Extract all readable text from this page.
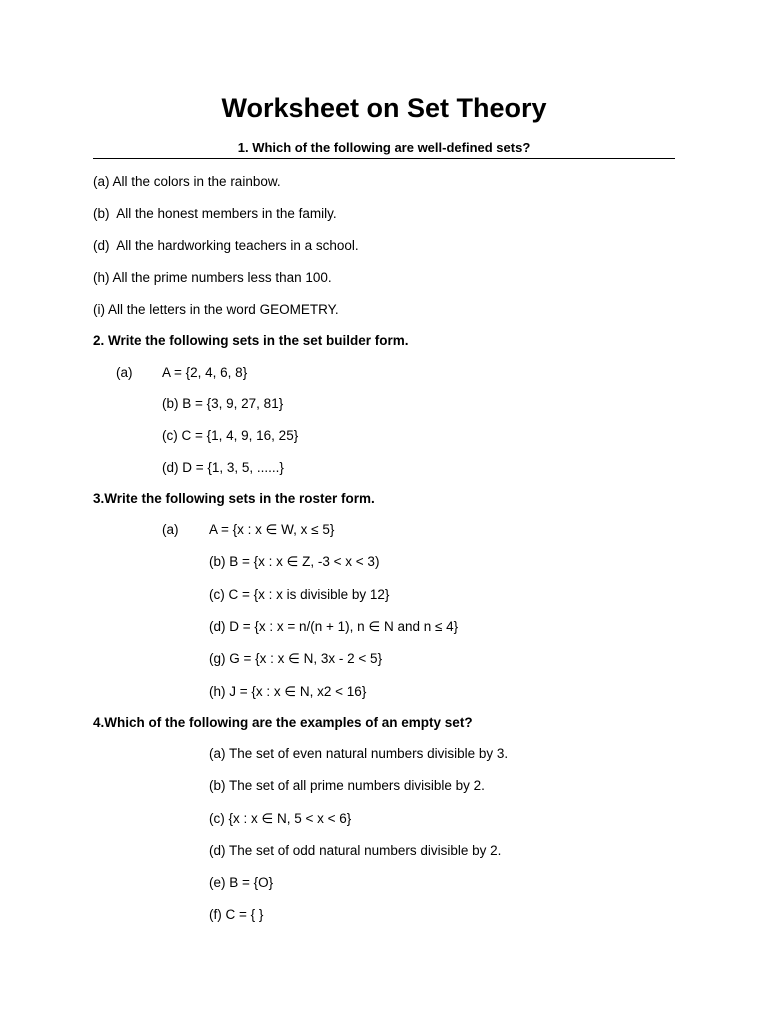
Worksheet on Set Theory
1. Which of the following are well-defined sets?
(a) All the colors in the rainbow.
(b)  All the honest members in the family.
(d)  All the hardworking teachers in a school.
(h) All the prime numbers less than 100.
(i) All the letters in the word GEOMETRY.
2. Write the following sets in the set builder form.
(a) A = {2, 4, 6, 8}
(b) B = {3, 9, 27, 81}
(c) C = {1, 4, 9, 16, 25}
(d) D = {1, 3, 5, ......}
3.Write the following sets in the roster form.
(a) A = {x : x ∈ W, x ≤ 5}
(b) B = {x : x ∈ Z, -3 < x < 3)
(c) C = {x : x is divisible by 12}
(d) D = {x : x = n/(n + 1), n ∈ N and n ≤ 4}
(g) G = {x : x ∈ N, 3x - 2 < 5}
(h) J = {x : x ∈ N, x2 < 16}
4.Which of the following are the examples of an empty set?
(a) The set of even natural numbers divisible by 3.
(b) The set of all prime numbers divisible by 2.
(c) {x : x ∈ N, 5 < x < 6}
(d) The set of odd natural numbers divisible by 2.
(e) B = {O}
(f) C = { }
